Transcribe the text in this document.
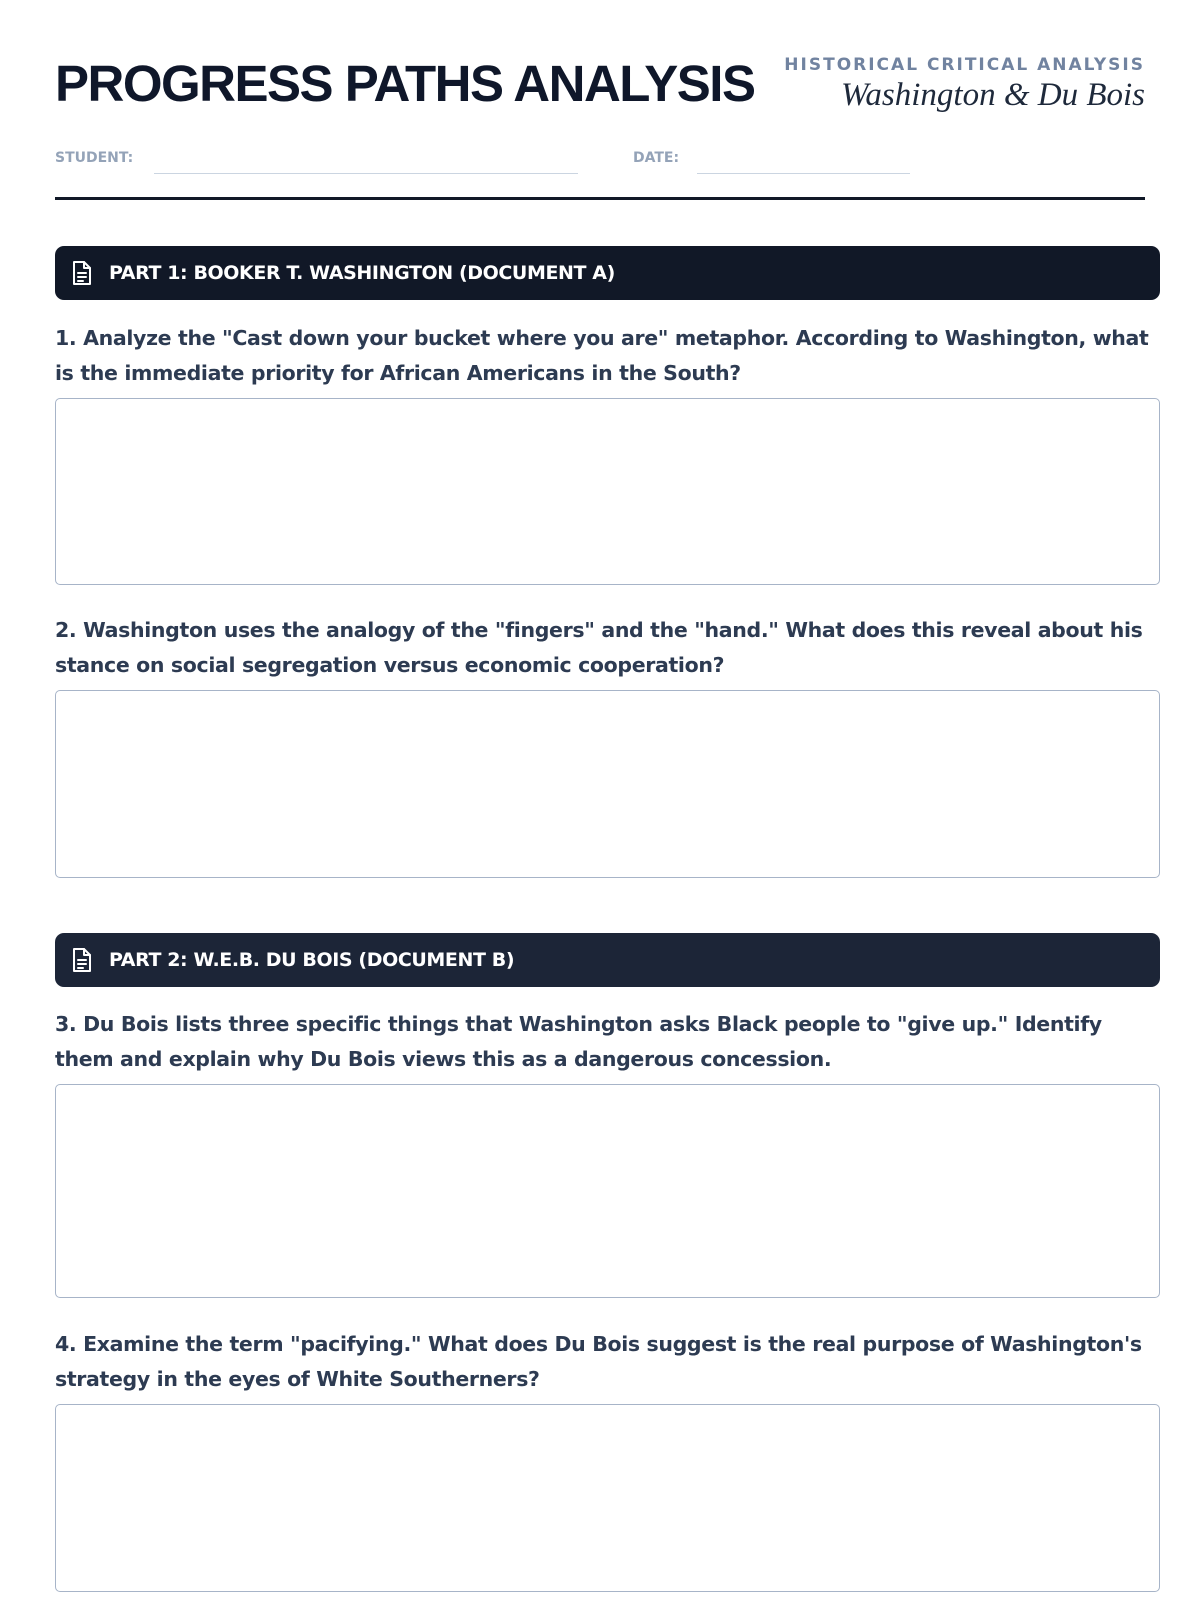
PROGRESS PATHS ANALYSIS HISTORICAL CRITICAL ANALYSIS
Washington & Du Bois
STUDENT:	DATE:
PART 1: BOOKER T. WASHINGTON (DOCUMENT A)

1. Analyze the "Cast down your bucket where you are" metaphor. According to Washington, what is the immediate priority for African Americans in the South?

2. Washington uses the analogy of the "fingers" and the "hand." What does this reveal about his stance on social segregation versus economic cooperation?

PART 2: W.E.B. DU BOIS (DOCUMENT B)

3. Du Bois lists three specific things that Washington asks Black people to "give up." Identify them and explain why Du Bois views this as a dangerous concession.

4. Examine the term "pacifying." What does Du Bois suggest is the real purpose of Washington's strategy in the eyes of White Southerners?
